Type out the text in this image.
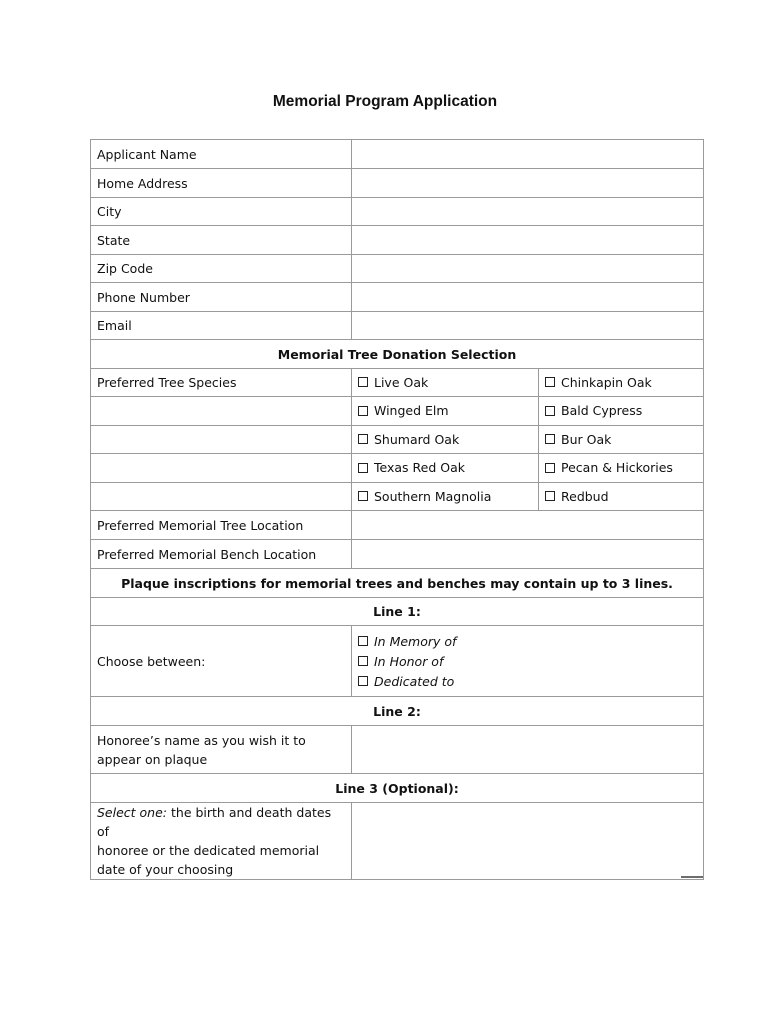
Memorial Program Application
Applicant Name		
Home Address		
City		
State		
Zip Code		
Phone Number		
Email		
Memorial Tree Donation Selection		
Preferred Tree Species	Live Oak	Chinkapin Oak

	Winged Elm	Bald Cypress

	Shumard Oak	Bur Oak

	Texas Red Oak	Pecan & Hickories

	Southern Magnolia	Redbud

Preferred Memorial Tree Location		
Preferred Memorial Bench Location		
Plaque inscriptions for memorial trees and benches may contain up to 3 lines.		
Line 1:		
Choose between:	In Memory of
In Honor of
Dedicated to	

Line 2:		

Honoree’s name as you wish it to
appear on plaque		

Line 3 (Optional):		

Select one: the birth and death dates of
honoree or the dedicated memorial
date of your choosing		
